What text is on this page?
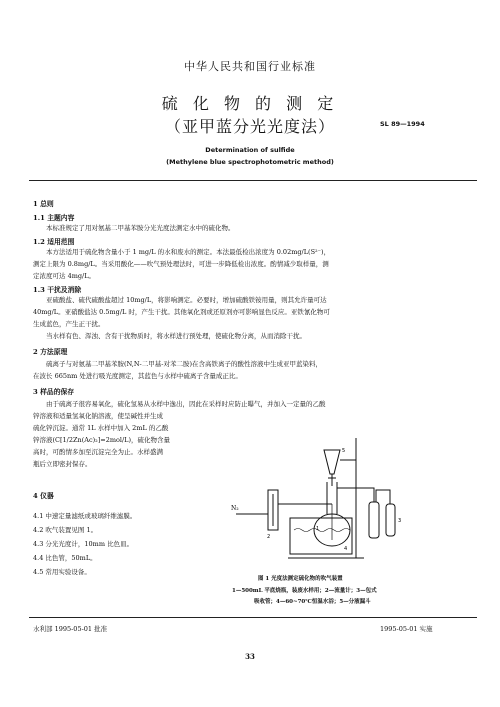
中华人民共和国行业标准
硫 化 物 的 测 定
（亚甲蓝分光光度法）	SL 89—1994
Determination of sulfide
(Methylene blue spectrophotometric method)
1 总则
1.1 主题内容
本标准规定了用对氨基二甲基苯胺分光光度法测定水中的硫化物。
1.2 适用范围
本方法适用于硫化物含量小于 1 mg/L 的水和废水的测定。本法最低检出浓度为 0.02mg/L(S²⁻)，
测定上限为 0.8mg/L。当采用酸化——吹气预处理法时，可进一步降低检出浓度。酌情减少取样量，测
定浓度可达 4mg/L。
1.3 干扰及消除
亚硫酸盐、硫代硫酸盐超过 10mg/L，将影响测定。必要时，增加硫酸铁铵用量，则其允许量可达
40mg/L。亚硝酸盐达 0.5mg/L 时，产生干扰。其他氧化剂或还原剂亦可影响显色反应。亚铁氰化物可
生成蓝色，产生正干扰。
当水样有色、浑浊、含有干扰物质时，将水样进行预处理，使硫化物分离，从而消除干扰。
2 方法原理
硫离子与对氨基二甲基苯胺(N,N-二甲基-对苯二胺)在含高铁离子的酸性溶液中生成亚甲蓝染料，
在波长 665nm 处进行吸光度测定，其蓝色与水样中硫离子含量成正比。
3 样品的保存
由于硫离子很容易氧化，硫化氢易从水样中逸出，因此在采样时应防止曝气，并加入一定量的乙酸
锌溶液和适量氢氧化钠溶液，使呈碱性并生成
硫化锌沉淀。通常 1L 水样中加入 2mL 的乙酸
锌溶液(C[1/2Zn(Ac)₂]=2mol/L)，硫化物含量
高时，可酌情多加至沉淀完全为止。水样盛满
瓶后立即密封保存。
4 仪器
4.1 中速定量滤纸或玻璃纤维滤膜。
4.2 吹气装置见图 1。
4.3 分光光度计，10mm 比色皿。
4.4 比色管，50mL。
4.5 常用实验设备。
N₂
2
4
1
5
3
图 1 光度法测定硫化物的吹气装置
1—500mL 平底烧瓶，装废水样用；2—流量计；3—包式
吸收管；4—60~70℃恒温水浴；5—分液漏斗
水利部 1995-05-01 批准	1995-05-01 实施
33
